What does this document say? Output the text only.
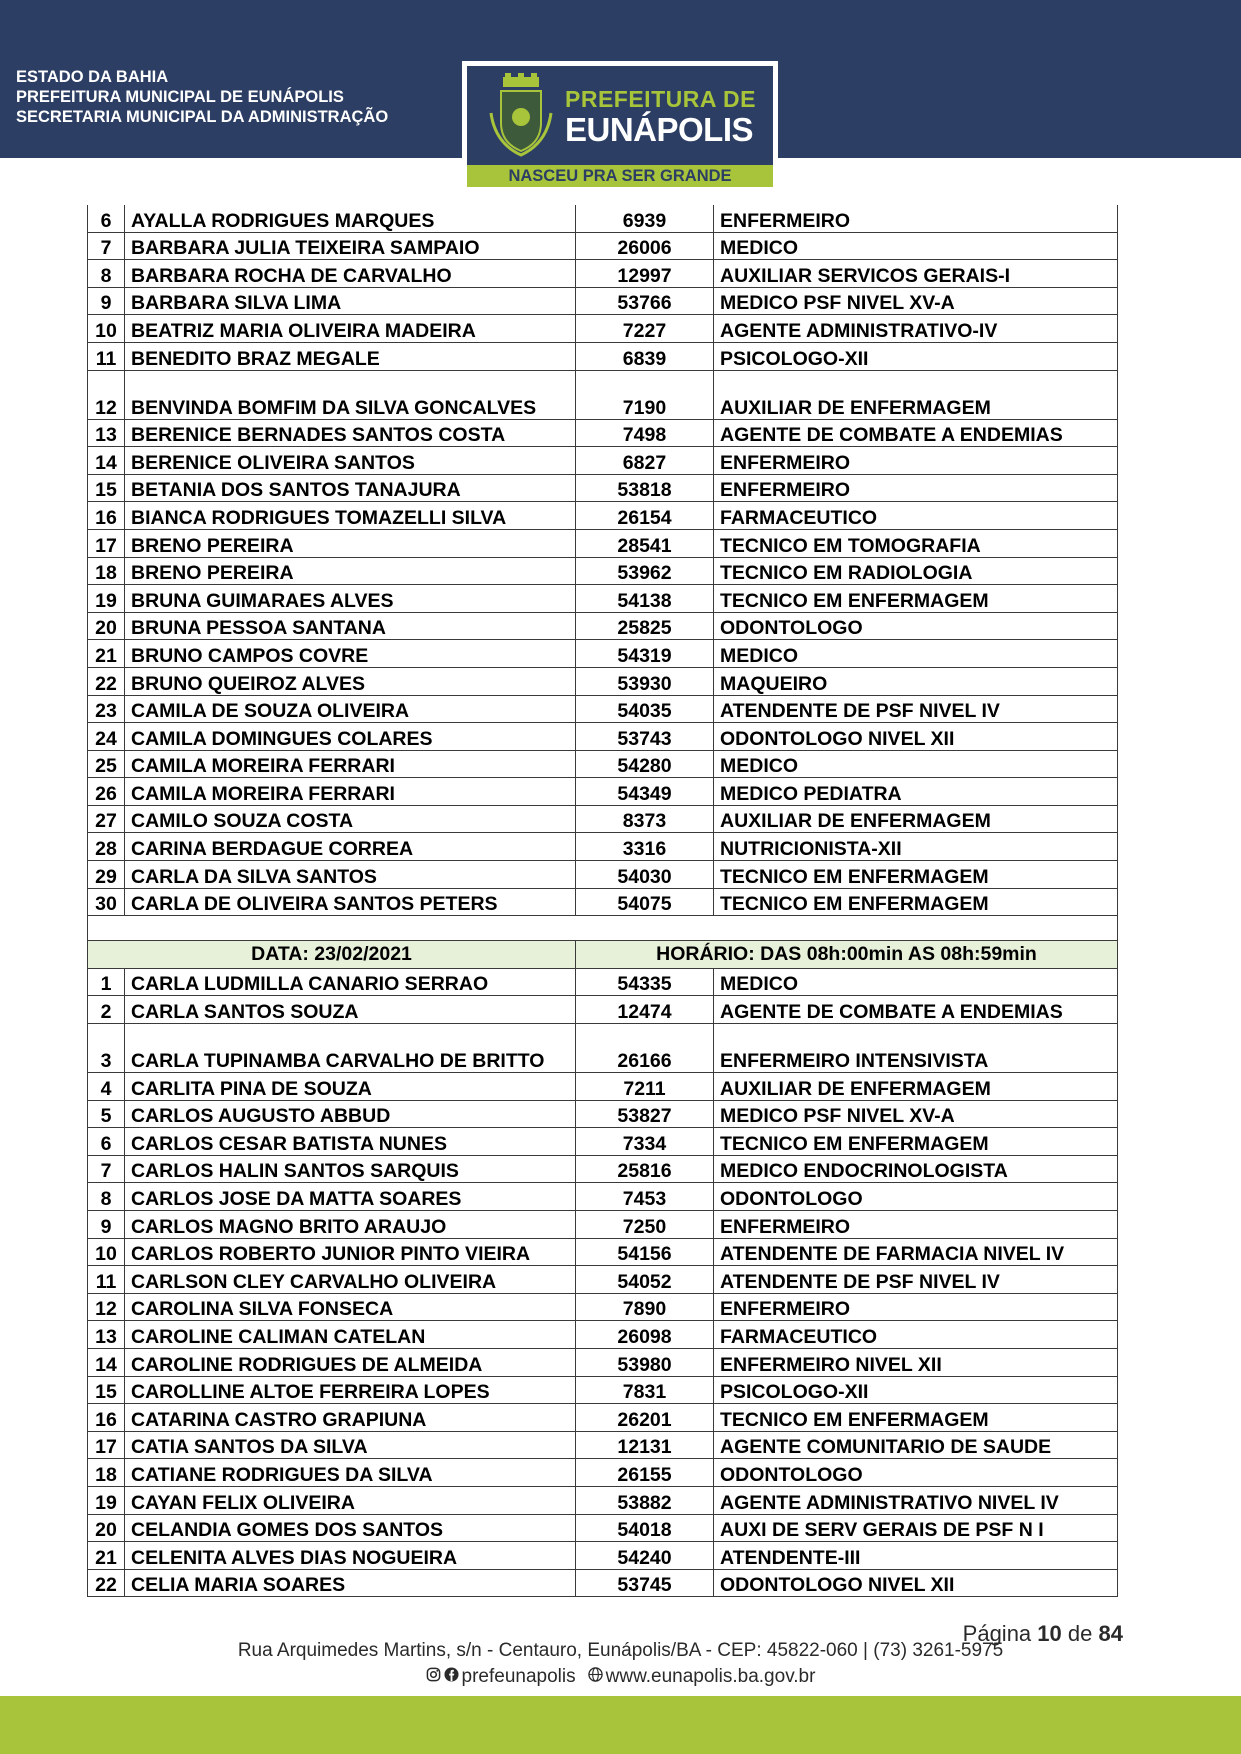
ESTADO DA BAHIA
PREFEITURA MUNICIPAL DE EUNÁPOLIS
SECRETARIA MUNICIPAL DA ADMINISTRAÇÃO
PREFEITURA DE
EUNÁPOLIS
NASCEU PRA SER GRANDE
6	AYALLA RODRIGUES MARQUES	6939	ENFERMEIRO
7	BARBARA JULIA TEIXEIRA SAMPAIO	26006	MEDICO
8	BARBARA ROCHA DE CARVALHO	12997	AUXILIAR SERVICOS GERAIS-I
9	BARBARA SILVA LIMA	53766	MEDICO PSF NIVEL XV-A
10	BEATRIZ MARIA OLIVEIRA MADEIRA	7227	AGENTE ADMINISTRATIVO-IV
11	BENEDITO BRAZ MEGALE	6839	PSICOLOGO-XII
12	BENVINDA BOMFIM DA SILVA GONCALVES	7190	AUXILIAR DE ENFERMAGEM
13	BERENICE BERNADES SANTOS COSTA	7498	AGENTE DE COMBATE A ENDEMIAS
14	BERENICE OLIVEIRA SANTOS	6827	ENFERMEIRO
15	BETANIA DOS SANTOS TANAJURA	53818	ENFERMEIRO
16	BIANCA RODRIGUES TOMAZELLI SILVA	26154	FARMACEUTICO
17	BRENO PEREIRA	28541	TECNICO EM TOMOGRAFIA
18	BRENO PEREIRA	53962	TECNICO EM RADIOLOGIA
19	BRUNA GUIMARAES ALVES	54138	TECNICO EM ENFERMAGEM
20	BRUNA PESSOA SANTANA	25825	ODONTOLOGO
21	BRUNO CAMPOS COVRE	54319	MEDICO
22	BRUNO QUEIROZ ALVES	53930	MAQUEIRO
23	CAMILA DE SOUZA OLIVEIRA	54035	ATENDENTE DE PSF NIVEL IV
24	CAMILA DOMINGUES COLARES	53743	ODONTOLOGO NIVEL XII
25	CAMILA MOREIRA FERRARI	54280	MEDICO
26	CAMILA MOREIRA FERRARI	54349	MEDICO PEDIATRA
27	CAMILO SOUZA COSTA	8373	AUXILIAR DE ENFERMAGEM
28	CARINA BERDAGUE CORREA	3316	NUTRICIONISTA-XII
29	CARLA DA SILVA SANTOS	54030	TECNICO EM ENFERMAGEM
30	CARLA DE OLIVEIRA SANTOS PETERS	54075	TECNICO EM ENFERMAGEM

DATA: 23/02/2021		HORÁRIO: DAS 08h:00min AS 08h:59min	
1	CARLA LUDMILLA CANARIO SERRAO	54335	MEDICO
2	CARLA SANTOS SOUZA	12474	AGENTE DE COMBATE A ENDEMIAS
3	CARLA TUPINAMBA CARVALHO DE BRITTO	26166	ENFERMEIRO INTENSIVISTA
4	CARLITA PINA DE SOUZA	7211	AUXILIAR DE ENFERMAGEM
5	CARLOS AUGUSTO ABBUD	53827	MEDICO PSF NIVEL XV-A
6	CARLOS CESAR BATISTA NUNES	7334	TECNICO EM ENFERMAGEM
7	CARLOS HALIN SANTOS SARQUIS	25816	MEDICO ENDOCRINOLOGISTA
8	CARLOS JOSE DA MATTA SOARES	7453	ODONTOLOGO
9	CARLOS MAGNO BRITO ARAUJO	7250	ENFERMEIRO
10	CARLOS ROBERTO JUNIOR PINTO VIEIRA	54156	ATENDENTE DE FARMACIA NIVEL IV
11	CARLSON CLEY CARVALHO OLIVEIRA	54052	ATENDENTE DE PSF NIVEL IV
12	CAROLINA SILVA FONSECA	7890	ENFERMEIRO
13	CAROLINE CALIMAN CATELAN	26098	FARMACEUTICO
14	CAROLINE RODRIGUES DE ALMEIDA	53980	ENFERMEIRO NIVEL XII
15	CAROLLINE ALTOE FERREIRA LOPES	7831	PSICOLOGO-XII
16	CATARINA CASTRO GRAPIUNA	26201	TECNICO EM ENFERMAGEM
17	CATIA SANTOS DA SILVA	12131	AGENTE COMUNITARIO DE SAUDE
18	CATIANE RODRIGUES DA SILVA	26155	ODONTOLOGO
19	CAYAN FELIX OLIVEIRA	53882	AGENTE ADMINISTRATIVO NIVEL IV
20	CELANDIA GOMES DOS SANTOS	54018	AUXI DE SERV GERAIS DE PSF N I
21	CELENITA ALVES DIAS NOGUEIRA	54240	ATENDENTE-III
22	CELIA MARIA SOARES	53745	ODONTOLOGO NIVEL XII
Página 10 de 84
Rua Arquimedes Martins, s/n - Centauro, Eunápolis/BA - CEP: 45822-060 | (73) 3261-5975
prefeunapolis www.eunapolis.ba.gov.br
